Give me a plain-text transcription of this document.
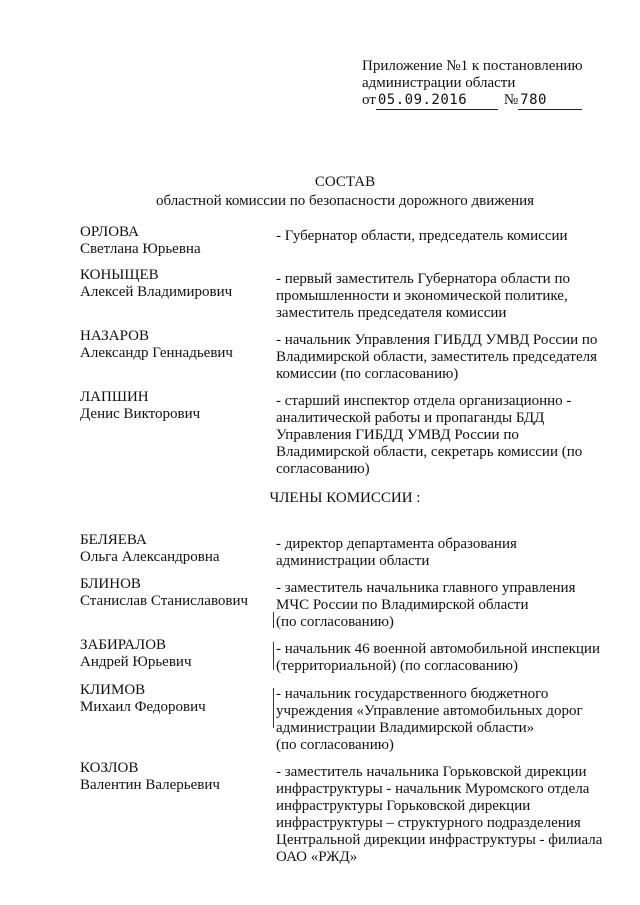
Приложение №1 к постановлению
администрации области
от 05.09.2016	№ 780
СОСТАВ
областной комиссии по безопасности дорожного движения
ОРЛОВА
Светлана Юрьевна
- Губернатор области, председатель комиссии
КОНЫЩЕВ
Алексей Владимирович
- первый заместитель Губернатора области по
промышленности и экономической политике,
заместитель председателя комиссии
НАЗАРОВ
Александр Геннадьевич
- начальник Управления ГИБДД УМВД России по
Владимирской области, заместитель председателя
комиссии (по согласованию)
ЛАПШИН
Денис Викторович
- старший инспектор отдела организационно -
аналитической работы и пропаганды БДД
Управления ГИБДД УМВД России по
Владимирской области, секретарь комиссии (по
согласованию)
ЧЛЕНЫ КОМИССИИ :
БЕЛЯЕВА
Ольга Александровна
- директор департамента образования
администрации области
БЛИНОВ
Станислав Станиславович
- заместитель начальника главного управления
МЧС России по Владимирской области
(по согласованию)
ЗАБИРАЛОВ
Андрей Юрьевич
- начальник 46 военной автомобильной инспекции
(территориальной) (по согласованию)
КЛИМОВ
Михаил Федорович
- начальник государственного бюджетного
учреждения «Управление автомобильных дорог
администрации Владимирской области»
(по согласованию)
КОЗЛОВ
Валентин Валерьевич
- заместитель начальника Горьковской дирекции
инфраструктуры - начальник Муромского отдела
инфраструктуры Горьковской дирекции
инфраструктуры – структурного подразделения
Центральной дирекции инфраструктуры - филиала
ОАО «РЖД»
